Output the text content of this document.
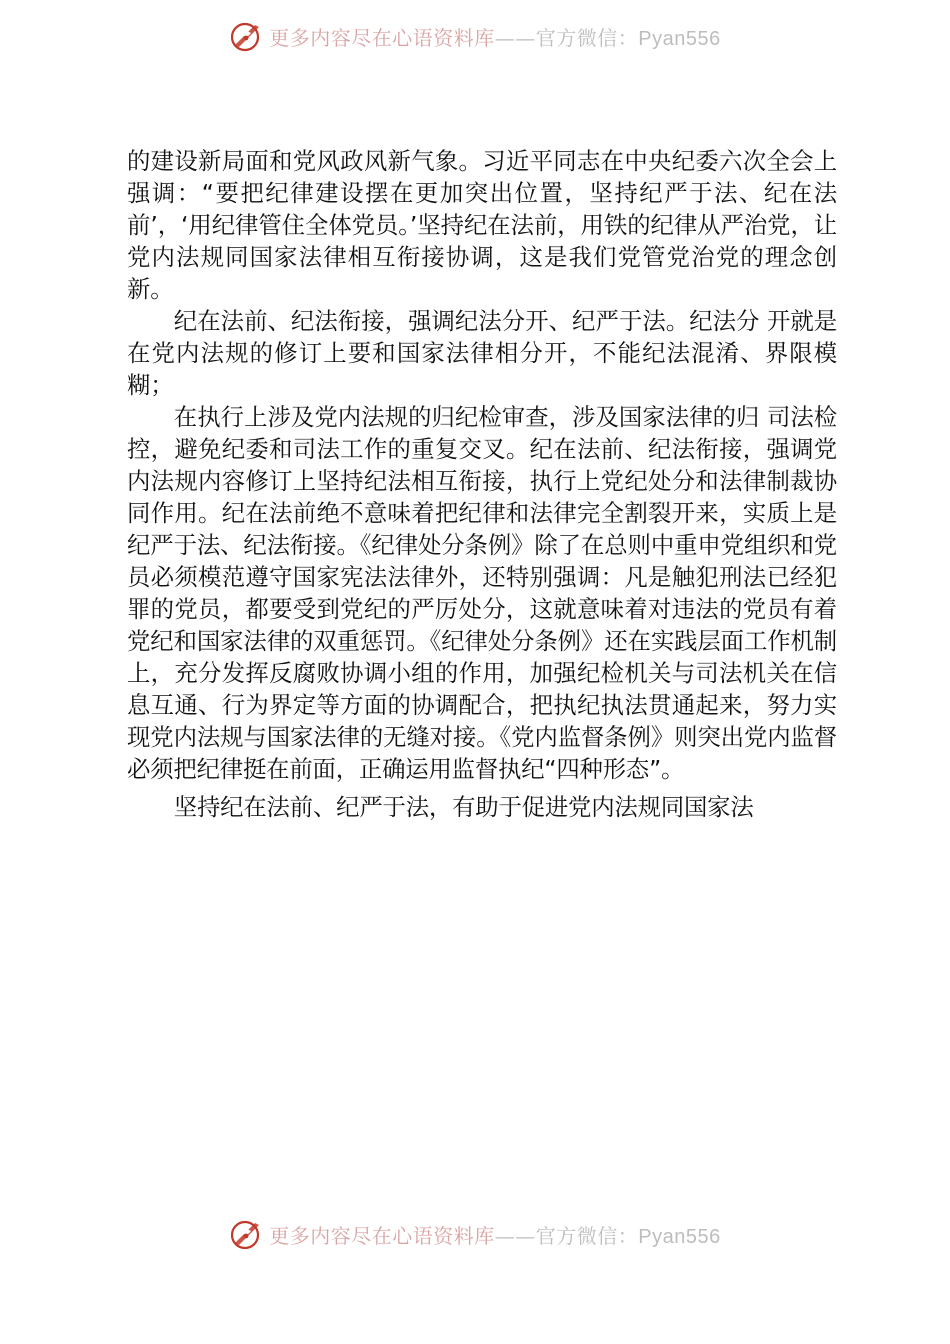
更多内容尽在心语资料库——官方微信：Pyan556

的建设新局面和党风政风新气象。习近平同志在中央纪委六次全会上强调：“要把纪律建设摆在更加突出位置，坚持纪严于法、纪在法前’，‘用纪律管住全体党员。’坚持纪在法前，用铁的纪律从严治党，让党内法规同国家法律相互衔接协调，这是我们党管党治党的理念创新。

纪在法前、纪法衔接，强调纪法分开、纪严于法。纪法分 开就是在党内法规的修订上要和国家法律相分开，不能纪法混淆、界限模糊；

在执行上涉及党内法规的归纪检审查，涉及国家法律的归 司法检控，避免纪委和司法工作的重复交叉。纪在法前、纪法衔接，强调党内法规内容修订上坚持纪法相互衔接，执行上党纪处分和法律制裁协同作用。纪在法前绝不意味着把纪律和法律完全割裂开来，实质上是纪严于法、纪法衔接。《纪律处分条例》除了在总则中重申党组织和党员必须模范遵守国家宪法法律外，还特别强调：凡是触犯刑法已经犯罪的党员，都要受到党纪的严厉处分，这就意味着对违法的党员有着党纪和国家法律的双重惩罚。《纪律处分条例》还在实践层面工作机制上，充分发挥反腐败协调小组的作用，加强纪检机关与司法机关在信息互通、行为界定等方面的协调配合，把执纪执法贯通起来，努力实现党内法规与国家法律的无缝对接。《党内监督条例》则突出党内监督必须把纪律挺在前面，正确运用监督执纪“四种形态”。

坚持纪在法前、纪严于法，有助于促进党内法规同国家法

更多内容尽在心语资料库——官方微信：Pyan556
